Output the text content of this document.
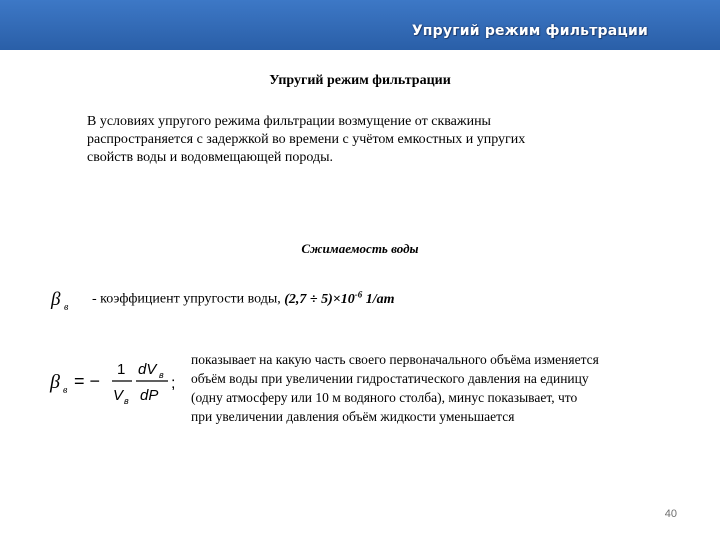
Упругий режим фильтрации
Упругий режим фильтрации
В условиях упругого режима фильтрации возмущение от скважины
распространяется с задержкой во времени с учётом емкостных и упругих
свойств воды и водовмещающей породы.
Сжимаемость воды
β в
- коэффициент упругости воды, $(2,7 \div 5)\times 10^{-6}$ 1/am
β в = −
1
V в
dV в
dP
;
показывает на какую часть своего первоначального объёма изменяется
объём воды при увеличении гидростатического давления на единицу
(одну атмосферу или 10 м водяного столба), минус показывает, что
при увеличении давления объём жидкости уменьшается
40
